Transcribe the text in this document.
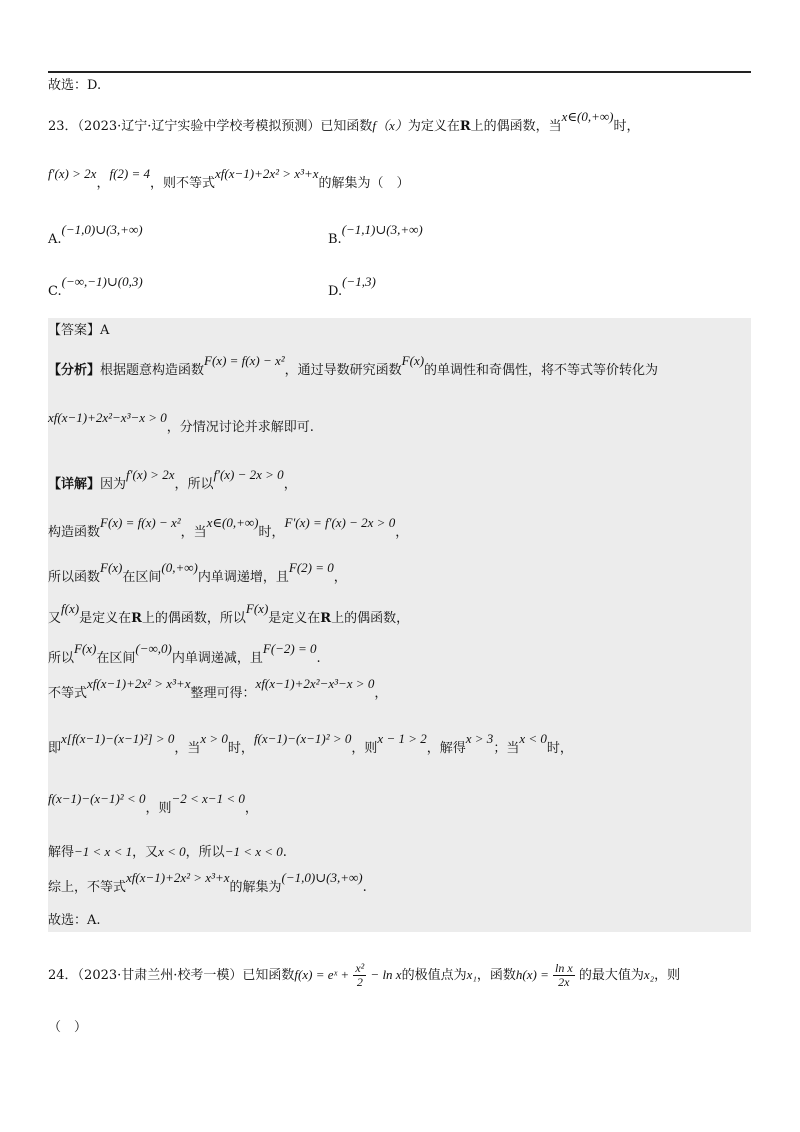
故选：D.
23．（2023·辽宁·辽宁实验中学校考模拟预测）已知函数f（x）为定义在R上的偶函数，当x∈(0,+∞)时，
f′(x) > 2x，f(2) = 4，则不等式xf(x−1)+2x² > x³+x的解集为（　）
A.(−1,0)∪(3,+∞)
B.(−1,1)∪(3,+∞)
C.(−∞,−1)∪(0,3)
D.(−1,3)
【答案】A
【分析】根据题意构造函数F(x) = f(x) − x²，通过导数研究函数F(x)的单调性和奇偶性，将不等式等价转化为
xf(x−1)+2x²−x³−x > 0，分情况讨论并求解即可.
【详解】因为f′(x) > 2x，所以f′(x) − 2x > 0，
构造函数F(x) = f(x) − x²，当x∈(0,+∞)时，F′(x) = f′(x) − 2x > 0，
所以函数F(x)在区间(0,+∞)内单调递增，且F(2) = 0，
又f(x)是定义在R上的偶函数，所以F(x)是定义在R上的偶函数，
所以F(x)在区间(−∞,0)内单调递减，且F(−2) = 0.
不等式xf(x−1)+2x² > x³+x整理可得：xf(x−1)+2x²−x³−x > 0，
即x[f(x−1)−(x−1)²] > 0，当x > 0时，f(x−1)−(x−1)² > 0，则x − 1 > 2，解得x > 3；当x < 0时，
f(x−1)−(x−1)² < 0，则−2 < x−1 < 0，
解得−1 < x < 1，又x < 0，所以−1 < x < 0.
综上，不等式xf(x−1)+2x² > x³+x的解集为(−1,0)∪(3,+∞).
故选：A.
24．（2023·甘肃兰州·校考一模）已知函数f(x) = eˣ + $\frac{\text{x²}}{2} - \ln x$的极值点为x₁，函数$h(x) = \frac{\text{ln x}}{2x}$ 的最大值为x₂，则
（　）
